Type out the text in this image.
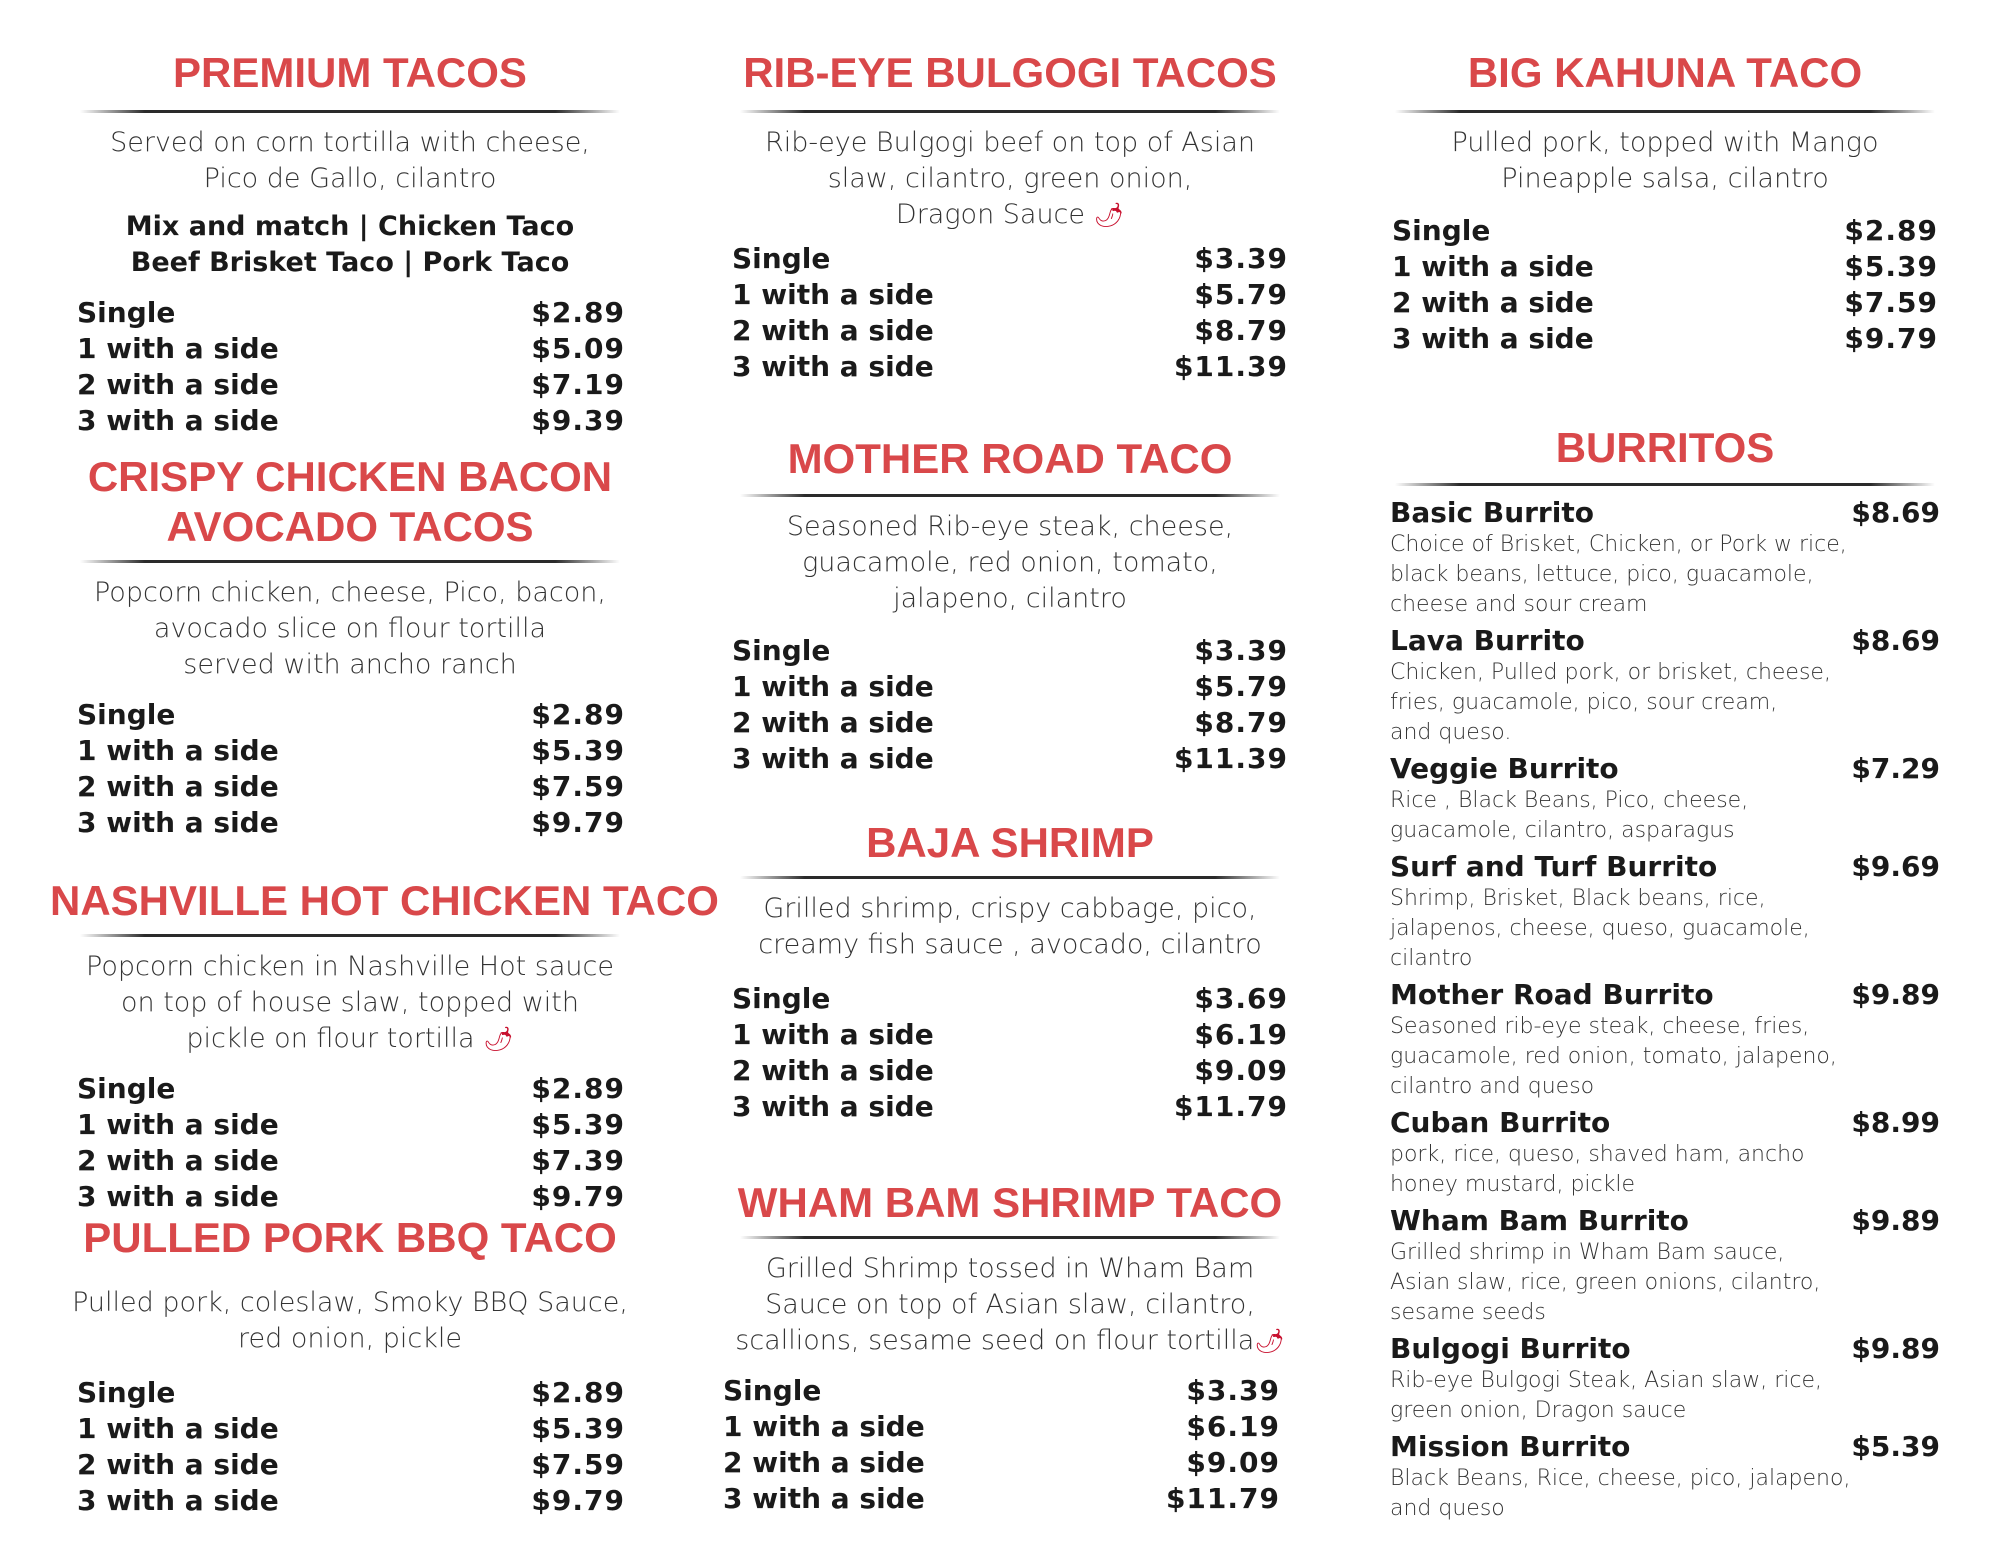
PREMIUM TACOS
Served on corn tortilla with cheese,
Pico de Gallo, cilantro
Mix and match | Chicken Taco
Beef Brisket Taco | Pork Taco
Single	$2.89
1 with a side	$5.09
2 with a side	$7.19
3 with a side	$9.39
CRISPY CHICKEN BACON
AVOCADO TACOS
Popcorn chicken, cheese, Pico, bacon,
avocado slice on flour tortilla
served with ancho ranch
Single	$2.89
1 with a side	$5.39
2 with a side	$7.59
3 with a side	$9.79
NASHVILLE HOT CHICKEN TACO
Popcorn chicken in Nashville Hot sauce
on top of house slaw, topped with
pickle on flour tortilla 🌶
Single	$2.89
1 with a side	$5.39
2 with a side	$7.39
3 with a side	$9.79
PULLED PORK BBQ TACO
Pulled pork, coleslaw, Smoky BBQ Sauce,
red onion, pickle
Single	$2.89
1 with a side	$5.39
2 with a side	$7.59
3 with a side	$9.79
RIB-EYE BULGOGI TACOS
Rib-eye Bulgogi beef on top of Asian
slaw, cilantro, green onion,
Dragon Sauce 🌶
Single	$3.39
1 with a side	$5.79
2 with a side	$8.79
3 with a side	$11.39
MOTHER ROAD TACO
Seasoned Rib-eye steak, cheese,
guacamole, red onion, tomato,
jalapeno, cilantro
Single	$3.39
1 with a side	$5.79
2 with a side	$8.79
3 with a side	$11.39
BAJA SHRIMP
Grilled shrimp, crispy cabbage, pico,
creamy fish sauce , avocado, cilantro
Single	$3.69
1 with a side	$6.19
2 with a side	$9.09
3 with a side	$11.79
WHAM BAM SHRIMP TACO
Grilled Shrimp tossed in Wham Bam
Sauce on top of Asian slaw, cilantro,
scallions, sesame seed on flour tortilla🌶
Single	$3.39
1 with a side	$6.19
2 with a side	$9.09
3 with a side	$11.79
BIG KAHUNA TACO
Pulled pork, topped with Mango
Pineapple salsa, cilantro
Single	$2.89
1 with a side	$5.39
2 with a side	$7.59
3 with a side	$9.79
BURRITOS
Basic Burrito	$8.69
Choice of Brisket, Chicken, or Pork w rice,
black beans, lettuce, pico, guacamole,
cheese and sour cream
Lava Burrito	$8.69
Chicken, Pulled pork, or brisket, cheese,
fries, guacamole, pico, sour cream,
and queso.
Veggie Burrito	$7.29
Rice , Black Beans, Pico, cheese,
guacamole, cilantro, asparagus
Surf and Turf Burrito	$9.69
Shrimp, Brisket, Black beans, rice,
jalapenos, cheese, queso, guacamole,
cilantro
Mother Road Burrito	$9.89
Seasoned rib-eye steak, cheese, fries,
guacamole, red onion, tomato, jalapeno,
cilantro and queso
Cuban Burrito	$8.99
pork, rice, queso, shaved ham, ancho
honey mustard, pickle
Wham Bam Burrito	$9.89
Grilled shrimp in Wham Bam sauce,
Asian slaw, rice, green onions, cilantro,
sesame seeds
Bulgogi Burrito	$9.89
Rib-eye Bulgogi Steak, Asian slaw, rice,
green onion, Dragon sauce
Mission Burrito	$5.39
Black Beans, Rice, cheese, pico, jalapeno,
and queso
